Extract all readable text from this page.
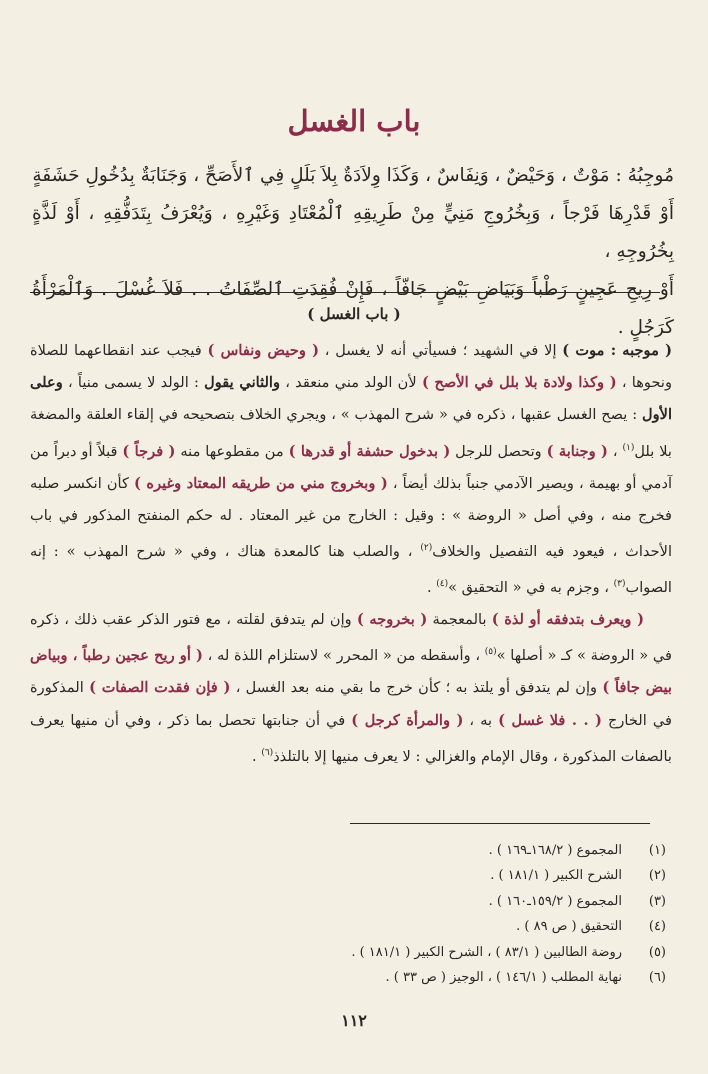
باب الغسل
مُوجِبُهُ : مَوْتٌ ، وَحَيْضٌ ، وَنِفَاسٌ ، وَكَذَا وِلاَدَةٌ بِلاَ بَلَلٍ فِي ٱلأَصَحِّ ، وَجَنَابَةٌ بِدُخُولِ حَشَفَةٍ
أَوْ قَدْرِهَا فَرْجاً ، وَبِخُرُوجِ مَنِيٍّ مِنْ طَرِيقِهِ ٱلْمُعْتَادِ وَغَيْرِهِ ، وَيُعْرَفُ بِتَدَفُّقِهِ ، أَوْ لَذَّةٍ بِخُرُوجِهِ ،
أَوْ رِيحِ عَجِينٍ رَطْباً وَبَيَاضِ بَيْضٍ جَافّاً ، فَإِنْ فُقِدَتِ ٱلصِّفَاتُ . . فَلاَ غُسْلَ . وَٱلْمَرْأَةُ كَرَجُلٍ .
( باب الغسل )

( موجبه : موت ) إلا في الشهيد ؛ فسيأتي أنه لا يغسل ، ( وحيض ونفاس ) فيجب عند انقطاعهما للصلاة ونحوها ، ( وكذا ولادة بلا بلل في الأصح ) لأن الولد مني منعقد ، والثاني يقول : الولد لا يسمى منياً ، وعلى الأول : يصح الغسل عقبها ، ذكره في « شرح المهذب » ، ويجري الخلاف بتصحيحه في إلقاء العلقة والمضغة بلا بلل$^{(١)}$ ، ( وجنابة ) وتحصل للرجل ( بدخول حشفة أو قدرها ) من مقطوعها منه ( فرجاً ) قبلاً أو دبراً من آدمي أو بهيمة ، ويصير الآدمي جنباً بذلك أيضاً ، ( وبخروج مني من طريقه المعتاد وغيره ) كأن انكسر صلبه فخرج منه ، وفي أصل « الروضة » : وقيل : الخارج من غير المعتاد . له حكم المنفتح المذكور في باب الأحداث ، فيعود فيه التفصيل والخلاف$^{(٢)}$ ، والصلب هنا كالمعدة هناك ، وفي « شرح المهذب » : إنه الصواب$^{(٣)}$ ، وجزم به في « التحقيق »$^{(٤)}$ .

( ويعرف بتدفقه أو لذة ) بالمعجمة ( بخروجه ) وإن لم يتدفق لقلته ، مع فتور الذكر عقب ذلك ، ذكره في « الروضة » كـ « أصلها »$^{(٥)}$ ، وأسقطه من « المحرر » لاستلزام اللذة له ، ( أو ريح عجين رطباً ، وبياض بيض جافاً ) وإن لم يتدفق أو يلتذ به ؛ كأن خرج ما بقي منه بعد الغسل ، ( فإن فقدت الصفات ) المذكورة في الخارج ( . . فلا غسل ) به ، ( والمرأة كرجل ) في أن جنابتها تحصل بما ذكر ، وفي أن منيها يعرف بالصفات المذكورة ، وقال الإمام والغزالي : لا يعرف منيها إلا بالتلذذ$^{(٦)}$ .

(١)
المجموع ( ١٦٨/٢ـ١٦٩ ) .
(٢)
الشرح الكبير ( ١٨١/١ ) .
(٣)
المجموع ( ١٥٩/٢ـ١٦٠ ) .
(٤)
التحقيق ( ص ٨٩ ) .
(٥)
روضة الطالبين ( ٨٣/١ ) ، الشرح الكبير ( ١٨١/١ ) .
(٦)
نهاية المطلب ( ١٤٦/١ ) ، الوجيز ( ص ٣٣ ) .
١١٢
